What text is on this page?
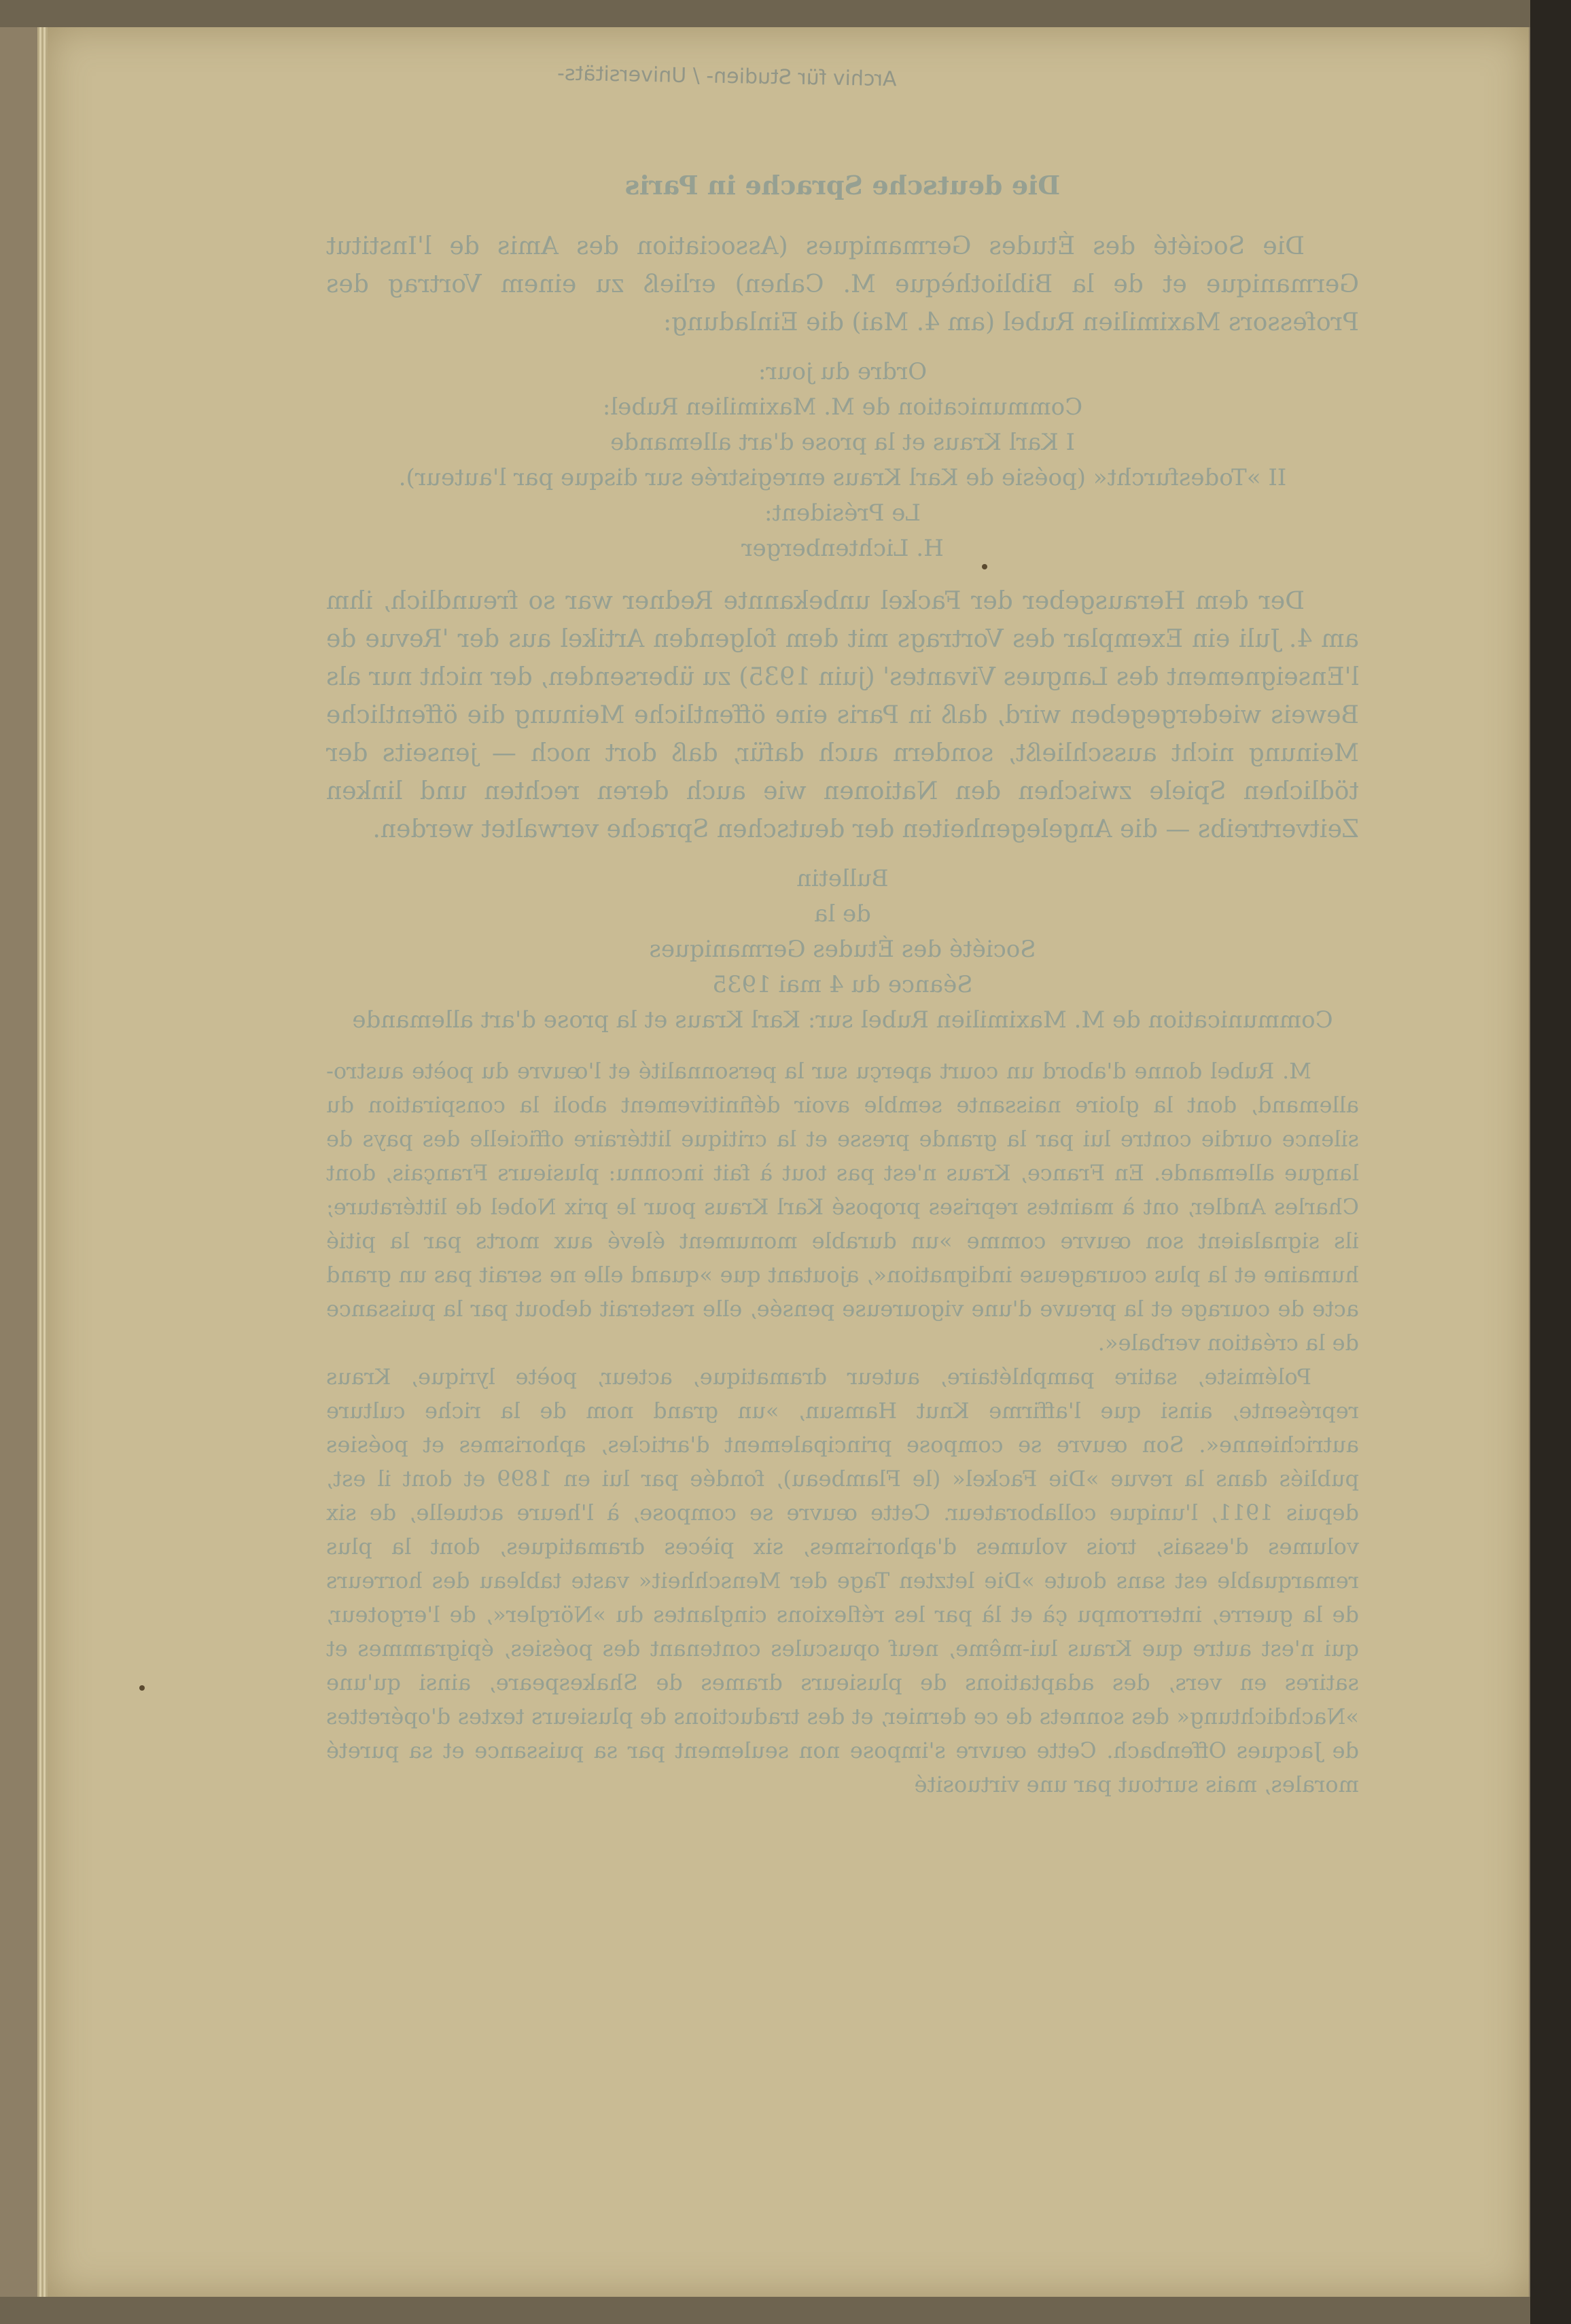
Archiv für Studien- / Universitäts-

Die deutsche Sprache in Paris

Die Société des Études Germaniques (Association des Amis de l'Institut Germanique et de la Bibliothèque M. Cahen) erließ zu einem Vortrag des Professors Maximilien Rubel (am 4. Mai) die Einladung:

Ordre du jour:

Communication de M. Maximilien Rubel:

I Karl Kraus et la prose d'art allemande

II »Todesfurcht« (poésie de Karl Kraus enregistrée sur disque par l'auteur).

Le Président:

H. Lichtenberger

Der dem Herausgeber der Fackel unbekannte Redner war so freundlich, ihm am 4. Juli ein Exemplar des Vortrags mit dem folgenden Artikel aus der 'Revue de l'Enseignement des Langues Vivantes' (juin 1935) zu übersenden, der nicht nur als Beweis wiedergegeben wird, daß in Paris eine öffentliche Meinung die öffentliche Meinung nicht ausschließt, sondern auch dafür, daß dort noch — jenseits der tödlichen Spiele zwischen den Nationen wie auch deren rechten und linken Zeitvertreibs — die Angelegenheiten der deutschen Sprache verwaltet werden.

Bulletin

de la

Société des Études Germaniques

Séance du 4 mai 1935

Communication de M. Maximilien Rubel sur: Karl Kraus et la prose d'art allemande

M. Rubel donne d'abord un court aperçu sur la personnalité et l'œuvre du poète austro-allemand, dont la gloire naissante semble avoir définitivement aboli la conspiration du silence ourdie contre lui par la grande presse et la critique littéraire officielle des pays de langue allemande. En France, Kraus n'est pas tout à fait inconnu: plusieurs Français, dont Charles Andler, ont à maintes reprises proposé Karl Kraus pour le prix Nobel de littérature; ils signalaient son œuvre comme »un durable monument élevé aux morts par la pitié humaine et la plus courageuse indignation«, ajoutant que »quand elle ne serait pas un grand acte de courage et la preuve d'une vigoureuse pensée, elle resterait debout par la puissance de la création verbale«.

Polémiste, satire pamphlétaire, auteur dramatique, acteur, poète lyrique, Kraus représente, ainsi que l'affirme Knut Hamsun, »un grand nom de la riche culture autrichienne«. Son œuvre se compose principalement d'articles, aphorismes et poésies publiés dans la revue »Die Fackel« (le Flambeau), fondée par lui en 1899 et dont il est, depuis 1911, l'unique collaborateur. Cette œuvre se compose, à l'heure actuelle, de six volumes d'essais, trois volumes d'aphorismes, six pièces dramatiques, dont la plus remarquable est sans doute »Die letzten Tage der Menschheit« vaste tableau des horreurs de la guerre, interrompu çà et là par les réflexions cinglantes du »Nörgler«, de l'ergoteur, qui n'est autre que Kraus lui-même, neuf opuscules contenant des poésies, épigrammes et satires en vers, des adaptations de plusieurs drames de Shakespeare, ainsi qu'une »Nachdichtung« des sonnets de ce dernier, et des traductions de plusieurs textes d'opérettes de Jacques Offenbach. Cette œuvre s'impose non seulement par sa puissance et sa pureté morales, mais surtout par une virtuosité
